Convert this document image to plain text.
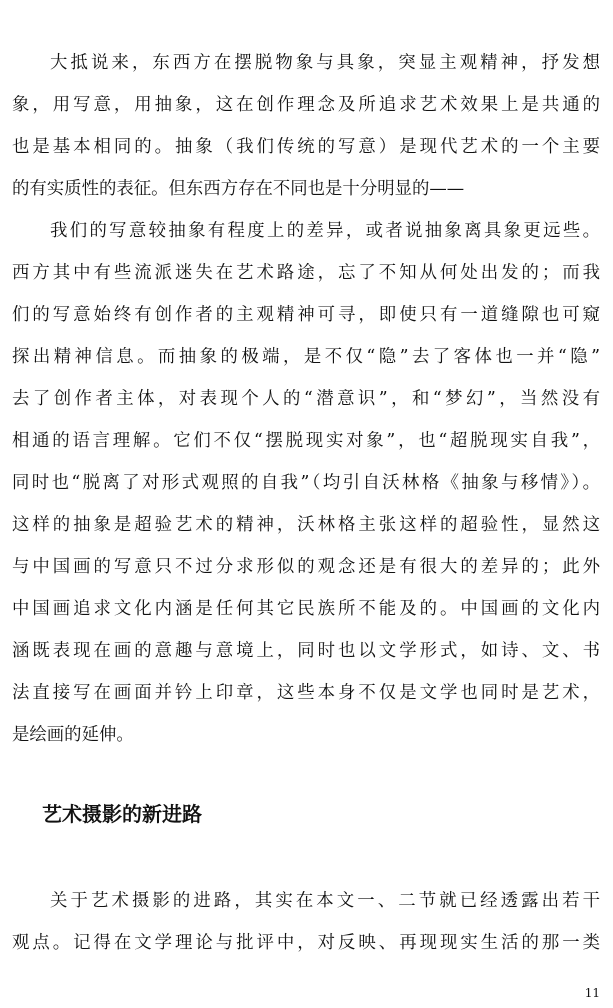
大抵说来，东西方在摆脱物象与具象，突显主观精神，抒发想
象，用写意，用抽象，这在创作理念及所追求艺术效果上是共通的
也是基本相同的。抽象（我们传统的写意）是现代艺术的一个主要
的有实质性的表征。但东西方存在不同也是十分明显的——
我们的写意较抽象有程度上的差异，或者说抽象离具象更远些。
西方其中有些流派迷失在艺术路途，忘了不知从何处出发的；而我
们的写意始终有创作者的主观精神可寻，即使只有一道缝隙也可窥
探出精神信息。而抽象的极端，是不仅“隐”去了客体也一并“隐”
去了创作者主体，对表现个人的“潜意识”，和“梦幻”，当然没有
相通的语言理解。它们不仅“摆脱现实对象”，也“超脱现实自我”，
同时也“脱离了对形式观照的自我”（均引自沃林格《抽象与移情》）。
这样的抽象是超验艺术的精神，沃林格主张这样的超验性，显然这
与中国画的写意只不过分求形似的观念还是有很大的差异的；此外
中国画追求文化内涵是任何其它民族所不能及的。中国画的文化内
涵既表现在画的意趣与意境上，同时也以文学形式，如诗、文、书
法直接写在画面并钤上印章，这些本身不仅是文学也同时是艺术，
是绘画的延伸。
艺术摄影的新进路
关于艺术摄影的进路，其实在本文一、二节就已经透露出若干
观点。记得在文学理论与批评中，对反映、再现现实生活的那一类
11
